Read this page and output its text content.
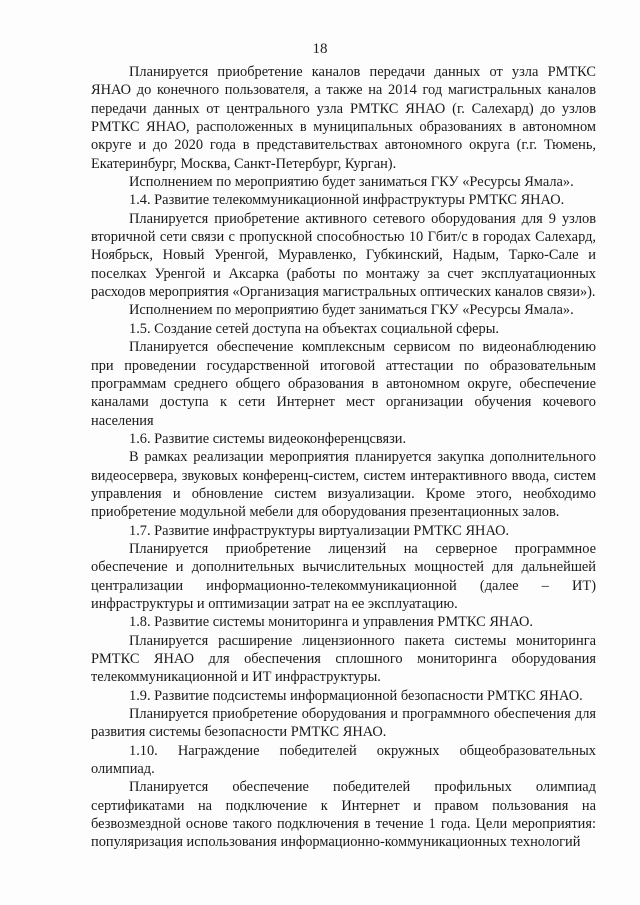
18

Планируется приобретение каналов передачи данных от узла РМТКС ЯНАО до конечного пользователя, а также на 2014 год магистральных каналов передачи данных от центрального узла РМТКС ЯНАО (г. Салехард) до узлов РМТКС ЯНАО, расположенных в муниципальных образованиях в автономном округе и до 2020 года в представительствах автономного округа (г.г. Тюмень, Екатеринбург, Москва, Санкт-Петербург, Курган).

Исполнением по мероприятию будет заниматься ГКУ «Ресурсы Ямала».

1.4. Развитие телекоммуникационной инфраструктуры РМТКС ЯНАО.

Планируется приобретение активного сетевого оборудования для 9 узлов вторичной сети связи с пропускной способностью 10 Гбит/с в городах Салехард, Ноябрьск, Новый Уренгой, Муравленко, Губкинский, Надым, Тарко-Сале и поселках Уренгой и Аксарка (работы по монтажу за счет эксплуатационных расходов мероприятия «Организация магистральных оптических каналов связи»).

Исполнением по мероприятию будет заниматься ГКУ «Ресурсы Ямала».

1.5. Создание сетей доступа на объектах социальной сферы.

Планируется обеспечение комплексным сервисом по видеонаблюдению при проведении государственной итоговой аттестации по образовательным программам среднего общего образования в автономном округе, обеспечение каналами доступа к сети Интернет мест организации обучения кочевого населения

1.6. Развитие системы видеоконференцсвязи.

В рамках реализации мероприятия планируется закупка дополнительного видеосервера, звуковых конференц-систем, систем интерактивного ввода, систем управления и обновление систем визуализации. Кроме этого, необходимо приобретение модульной мебели для оборудования презентационных залов.

1.7. Развитие инфраструктуры виртуализации РМТКС ЯНАО.

Планируется приобретение лицензий на серверное программное обеспечение и дополнительных вычислительных мощностей для дальнейшей централизации информационно-телекоммуникационной (далее – ИТ) инфраструктуры и оптимизации затрат на ее эксплуатацию.

1.8. Развитие системы мониторинга и управления РМТКС ЯНАО.

Планируется расширение лицензионного пакета системы мониторинга РМТКС ЯНАО для обеспечения сплошного мониторинга оборудования телекоммуникационной и ИТ инфраструктуры.

1.9. Развитие подсистемы информационной безопасности РМТКС ЯНАО.

Планируется приобретение оборудования и программного обеспечения для развития системы безопасности РМТКС ЯНАО.

1.10. Награждение победителей окружных общеобразовательных олимпиад.

Планируется обеспечение победителей профильных олимпиад сертификатами на подключение к Интернет и правом пользования на безвозмездной основе такого подключения в течение 1 года. Цели мероприятия: популяризация использования информационно-коммуникационных технологий
